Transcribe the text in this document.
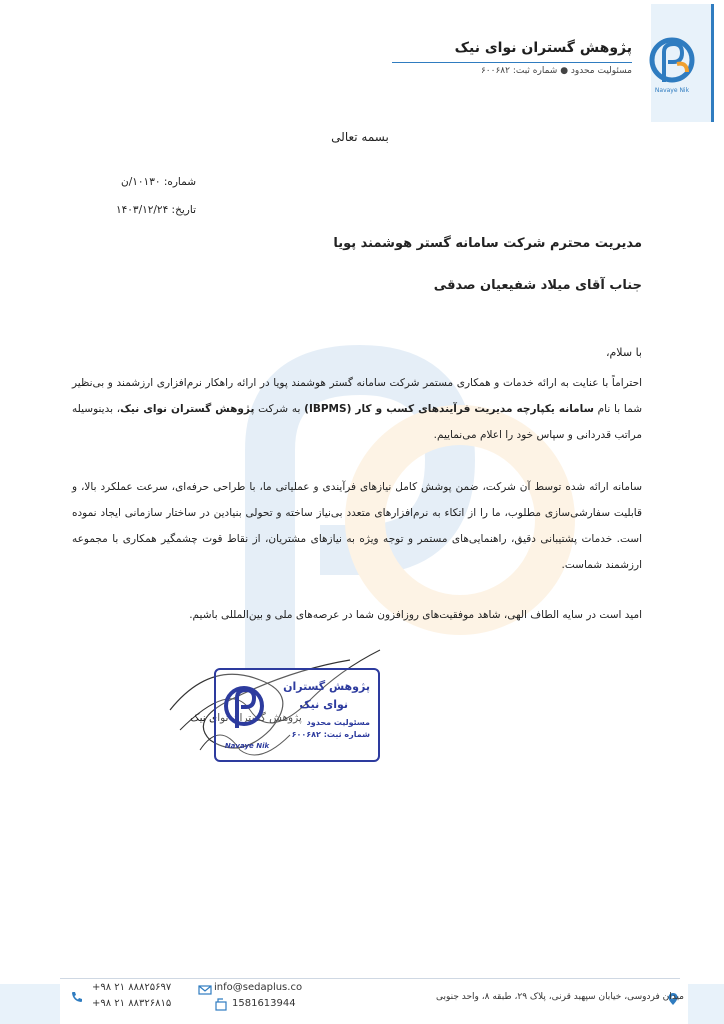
Navaye Nik
پژوهش گستران نوای نیک
مسئولیت محدود ● شماره ثبت: ۶۰۰۶۸۲
بسمه تعالی
شماره: ۱۰۱۳۰/ن
تاریخ: ۱۴۰۳/۱۲/۲۴
مدیریت محترم شرکت سامانه گستر هوشمند پویا
جناب آقای میلاد شفیعیان صدقی
با سلام،
احتراماً با عنایت به ارائه خدمات و همکاری مستمر شرکت سامانه گستر هوشمند پویا در ارائه راهکار نرم‌افزاری ارزشمند و بی‌نظیر شما با نام سامانه یکپارچه مدیریت فرآیندهای کسب و کار (IBPMS) به شرکت پژوهش گستران نوای نیک، بدینوسیله مراتب قدردانی و سپاس خود را اعلام می‌نماییم.
سامانه ارائه شده توسط آن شرکت، ضمن پوشش کامل نیازهای فرآیندی و عملیاتی ما، با طراحی حرفه‌ای، سرعت عملکرد بالا، و قابلیت سفارشی‌سازی مطلوب، ما را از اتکاء به نرم‌افزارهای متعدد بی‌نیاز ساخته و تحولی بنیادین در ساختار سازمانی ایجاد نموده است. خدمات پشتیبانی دقیق، راهنمایی‌های مستمر و توجه ویژه به نیازهای مشتریان، از نقاط قوت چشمگیر همکاری با مجموعه ارزشمند شماست.
امید است در سایه الطاف الهی، شاهد موفقیت‌های روزافزون شما در عرصه‌های ملی و بین‌المللی باشیم.
پژوهش گستران نوای نیک
Navaye Nik
پژوهش گستران
نوای نیک
مسئولیت محدود
شماره ثبت: ۶۰۰۶۸۲
میدان فردوسی، خیابان سپهبد قرنی، پلاک ۲۹، طبقه ۸، واحد جنوبی
info@sedaplus.co
1581613944
+۹۸ ۲۱ ۸۸۸۲۵۶۹۷
+۹۸ ۲۱ ۸۸۳۲۶۸۱۵
